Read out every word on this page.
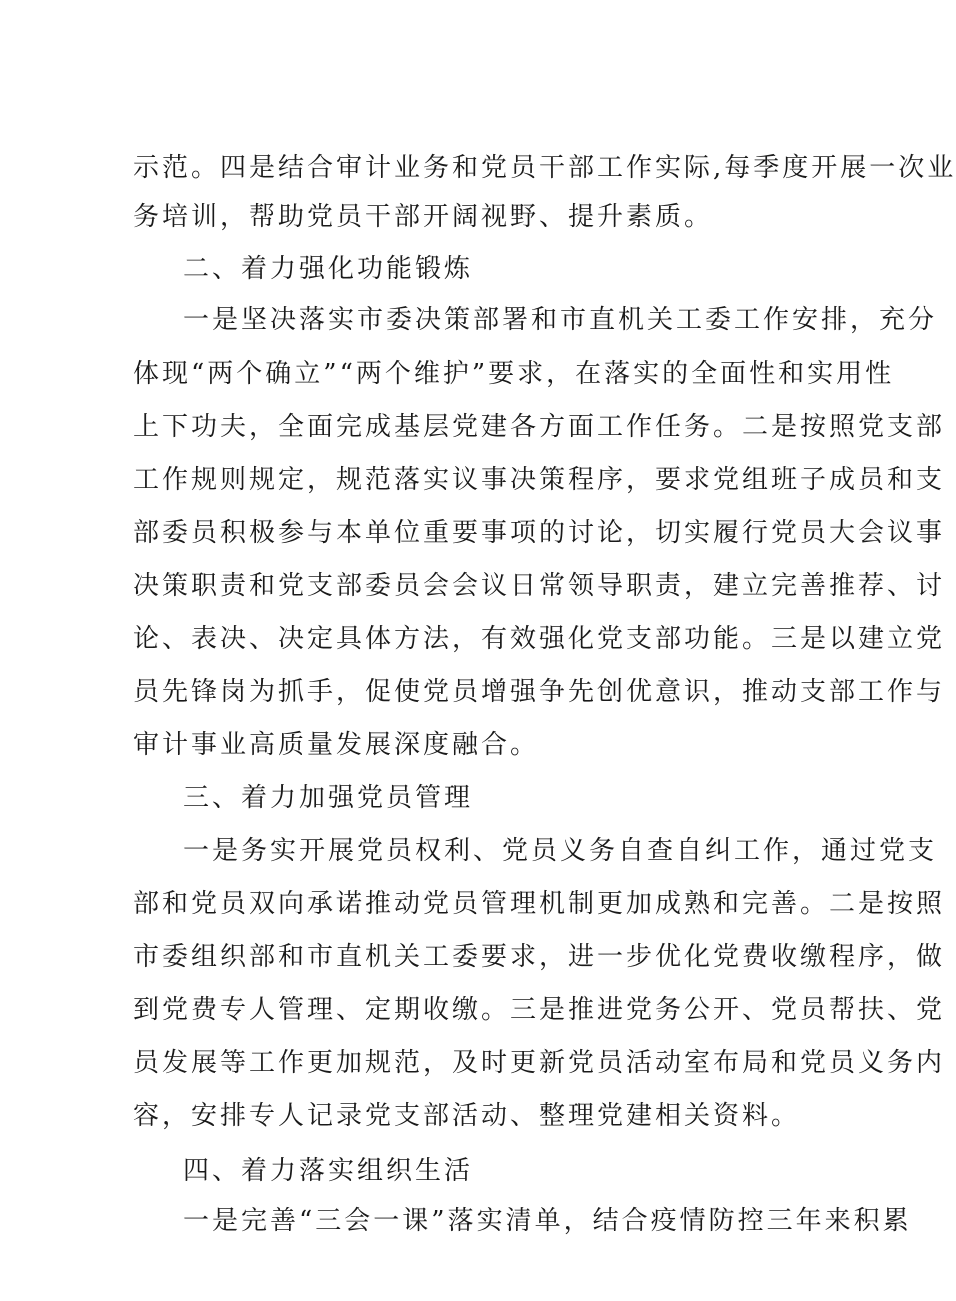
示范。四是结合审计业务和党员干部工作实际,每季度开展一次业
务培训，帮助党员干部开阔视野、提升素质。
二、着力强化功能锻炼
一是坚决落实市委决策部署和市直机关工委工作安排，充分
体现“两个确立”“两个维护”要求，在落实的全面性和实用性
上下功夫，全面完成基层党建各方面工作任务。二是按照党支部
工作规则规定，规范落实议事决策程序，要求党组班子成员和支
部委员积极参与本单位重要事项的讨论，切实履行党员大会议事
决策职责和党支部委员会会议日常领导职责，建立完善推荐、讨
论、表决、决定具体方法，有效强化党支部功能。三是以建立党
员先锋岗为抓手，促使党员增强争先创优意识，推动支部工作与
审计事业高质量发展深度融合。
三、着力加强党员管理
一是务实开展党员权利、党员义务自查自纠工作，通过党支
部和党员双向承诺推动党员管理机制更加成熟和完善。二是按照
市委组织部和市直机关工委要求，进一步优化党费收缴程序，做
到党费专人管理、定期收缴。三是推进党务公开、党员帮扶、党
员发展等工作更加规范，及时更新党员活动室布局和党员义务内
容，安排专人记录党支部活动、整理党建相关资料。
四、着力落实组织生活
一是完善“三会一课”落实清单，结合疫情防控三年来积累
